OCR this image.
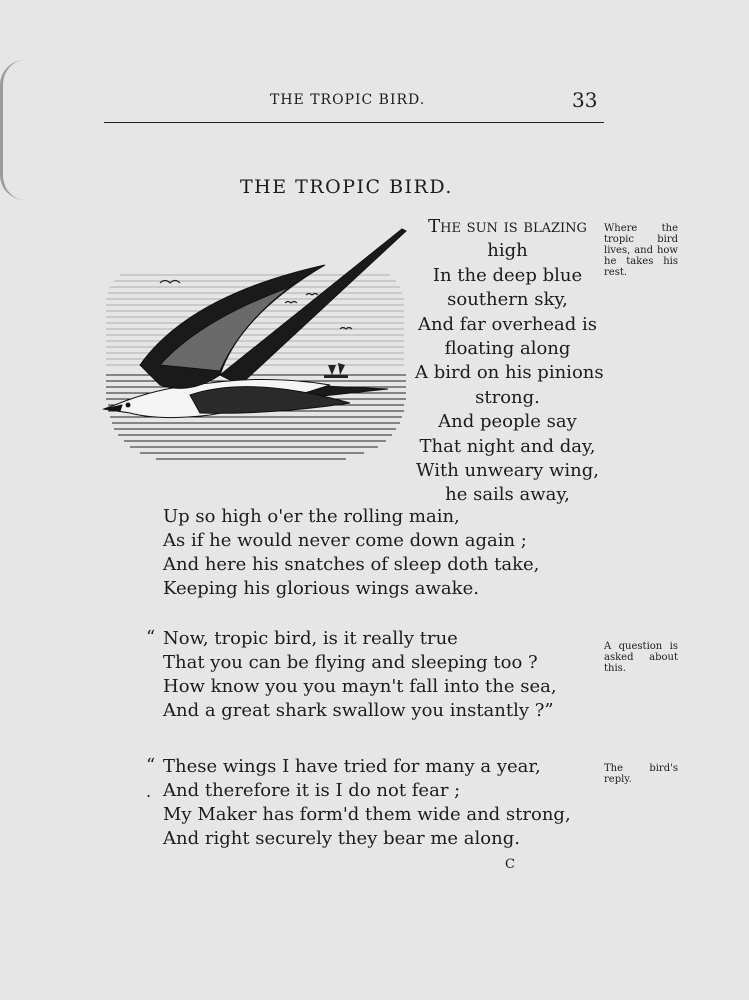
THE TROPIC BIRD.	33
THE TROPIC BIRD.
The sun is blazing
high
In the deep blue
southern sky,
And far overhead is
floating along
A bird on his pinions
strong.
And people say
That night and day,
With unweary wing,
he sails away,
Up so high o'er the rolling main,
As if he would never come down again ;
And here his snatches of sleep doth take,
Keeping his glorious wings awake.
“ Now, tropic bird, is it really true
That you can be flying and sleeping too ?
How know you you mayn't fall into the sea,
And a great shark swallow you instantly ?”
“
.
These wings I have tried for many a year,
And therefore it is I do not fear ;
My Maker has form'd them wide and strong,
And right securely they bear me along.
Where the tropic bird lives, and how he takes his rest.
A question is asked about this.
The bird's reply.
C
